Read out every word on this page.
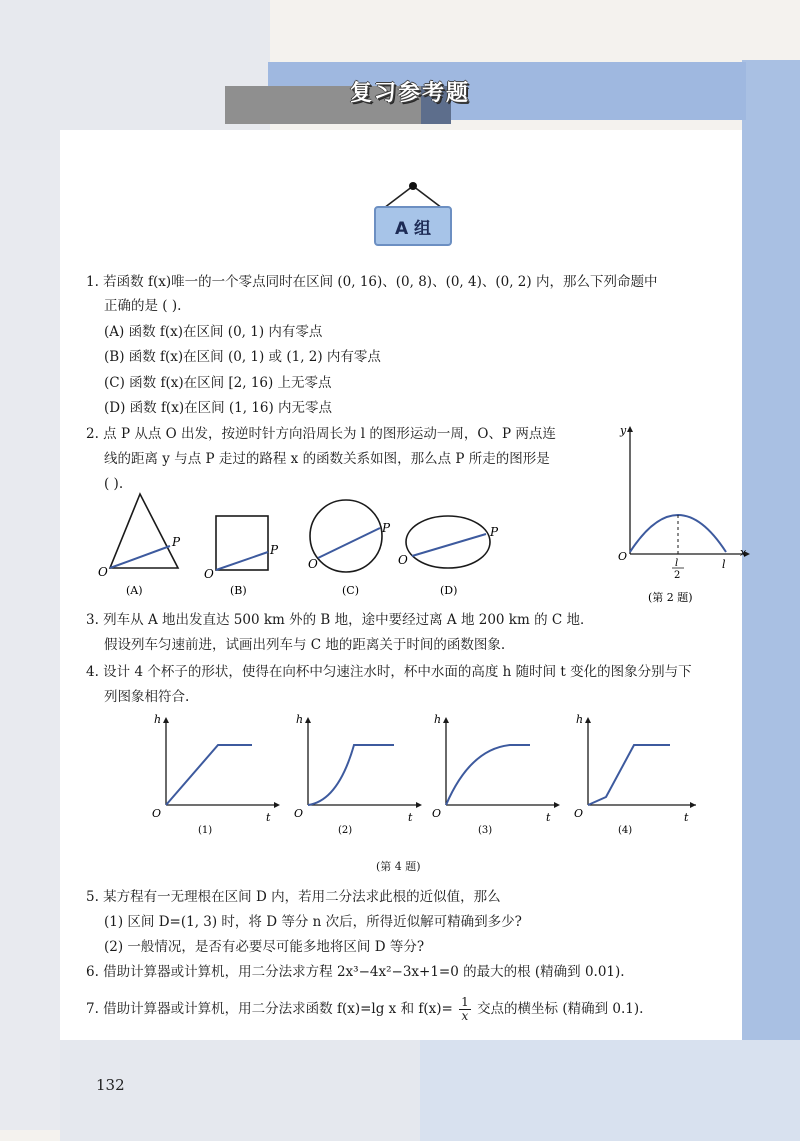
复习参考题
A 组
1. 若函数 f(x)唯一的一个零点同时在区间 (0, 16)、(0, 8)、(0, 4)、(0, 2) 内，那么下列命题中
正确的是 ( ).
(A) 函数 f(x)在区间 (0, 1) 内有零点
(B) 函数 f(x)在区间 (0, 1) 或 (1, 2) 内有零点
(C) 函数 f(x)在区间 [2, 16) 上无零点
(D) 函数 f(x)在区间 (1, 16) 内无零点
2. 点 P 从点 O 出发，按逆时针方向沿周长为 l 的图形运动一周，O、P 两点连
线的距离 y 与点 P 走过的路程 x 的函数关系如图，那么点 P 所走的图形是
( ).
O
P
(A)
O
P
(B)
O
P
(C)
O
P
(D)
y
x
O
l
l
2
(第 2 题)
3. 列车从 A 地出发直达 500 km 外的 B 地，途中要经过离 A 地 200 km 的 C 地．
假设列车匀速前进，试画出列车与 C 地的距离关于时间的函数图象.
4. 设计 4 个杯子的形状，使得在向杯中匀速注水时，杯中水面的高度 h 随时间 t 变化的图象分别与下
列图象相符合.
h
t
O
(1)
h
t
O
(2)
h
t
O
(3)
h
t
O
(4)
(第 4 题)
5. 某方程有一无理根在区间 D 内，若用二分法求此根的近似值，那么
(1) 区间 D=(1, 3) 时，将 D 等分 n 次后，所得近似解可精确到多少?
(2) 一般情况，是否有必要尽可能多地将区间 D 等分?
6. 借助计算器或计算机，用二分法求方程 2x³−4x²−3x+1=0 的最大的根 (精确到 0.01).
7. 借助计算器或计算机，用二分法求函数 f(x)=lg x 和 $f(x)= \frac{1}{x}$ 交点的横坐标 (精确到 0.1).
132
